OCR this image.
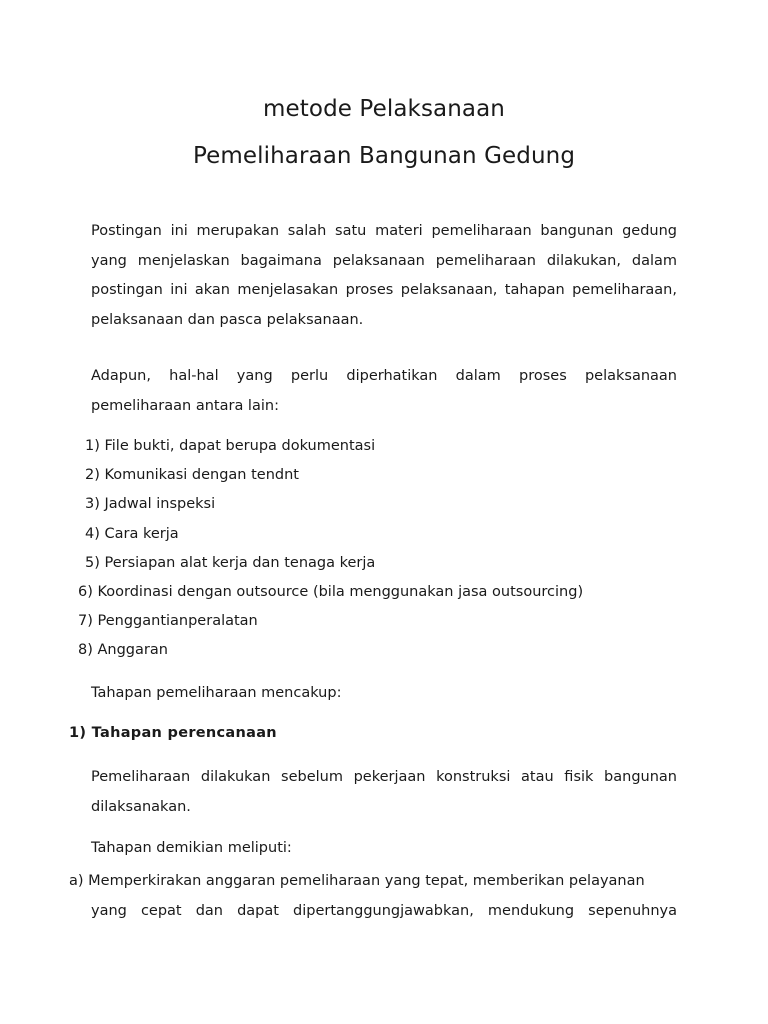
metode Pelaksanaan
Pemeliharaan Bangunan Gedung

Postingan ini merupakan salah satu materi pemeliharaan bangunan gedung yang menjelaskan bagaimana pelaksanaan pemeliharaan dilakukan, dalam postingan ini akan menjelasakan proses pelaksanaan, tahapan pemeliharaan, pelaksanaan dan pasca pelaksanaan.

Adapun, hal-hal yang perlu diperhatikan dalam proses pelaksanaan pemeliharaan antara lain:

1) File bukti, dapat berupa dokumentasi

2) Komunikasi dengan tendnt

3) Jadwal inspeksi

4) Cara kerja

5) Persiapan alat kerja dan tenaga kerja

6) Koordinasi dengan outsource (bila menggunakan jasa outsourcing)

7) Penggantianperalatan

8) Anggaran

Tahapan pemeliharaan mencakup:

1) Tahapan perencanaan

Pemeliharaan dilakukan sebelum pekerjaan konstruksi atau fisik bangunan dilaksanakan.

Tahapan demikian meliputi:

a) Memperkirakan anggaran pemeliharaan yang tepat, memberikan pelayanan
yang cepat dan dapat dipertanggungjawabkan, mendukung sepenuhnya
